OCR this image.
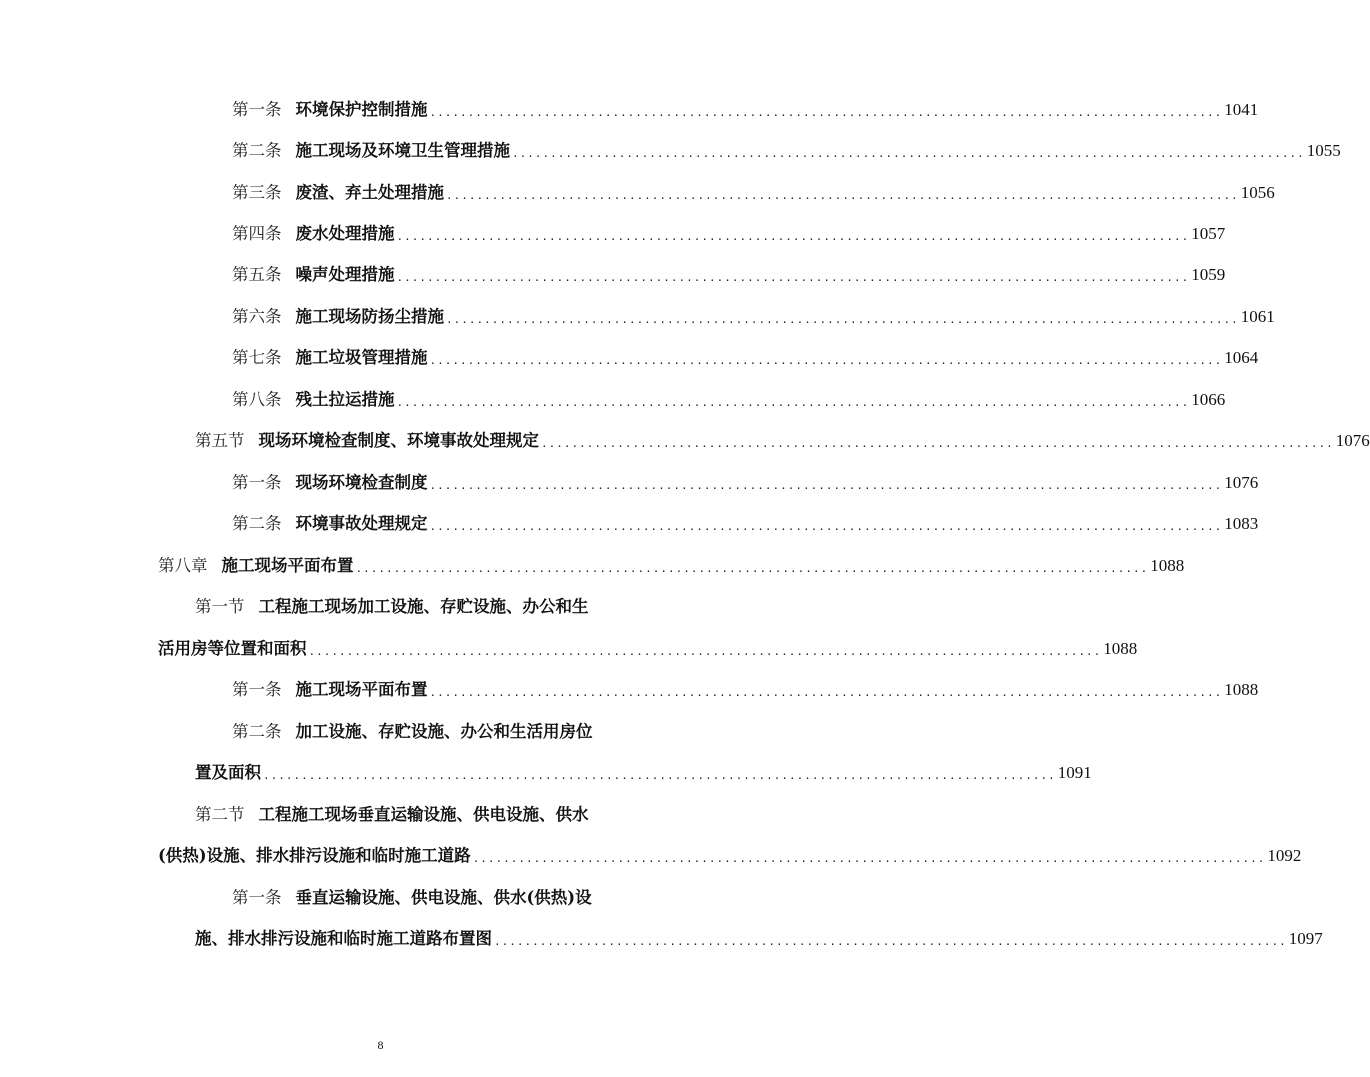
第一条 环境保护控制措施 ........................................................................................................ 1041
第二条 施工现场及环境卫生管理措施 ........................................................................................................ 1055
第三条 废渣、弃土处理措施 ........................................................................................................ 1056
第四条 废水处理措施 ........................................................................................................ 1057
第五条 噪声处理措施 ........................................................................................................ 1059
第六条 施工现场防扬尘措施 ........................................................................................................ 1061
第七条 施工垃圾管理措施 ........................................................................................................ 1064
第八条 残土拉运措施 ........................................................................................................ 1066
第五节 现场环境检查制度、环境事故处理规定 ........................................................................................................ 1076
第一条 现场环境检查制度 ........................................................................................................ 1076
第二条 环境事故处理规定 ........................................................................................................ 1083
第八章 施工现场平面布置 ........................................................................................................ 1088
第一节 工程施工现场加工设施、存贮设施、办公和生
活用房等位置和面积 ........................................................................................................ 1088
第一条 施工现场平面布置 ........................................................................................................ 1088
第二条 加工设施、存贮设施、办公和生活用房位
置及面积 ........................................................................................................ 1091
第二节 工程施工现场垂直运输设施、供电设施、供水
(供热)设施、排水排污设施和临时施工道路 ........................................................................................................ 1092
第一条 垂直运输设施、供电设施、供水(供热)设
施、排水排污设施和临时施工道路布置图 ........................................................................................................ 1097
8
